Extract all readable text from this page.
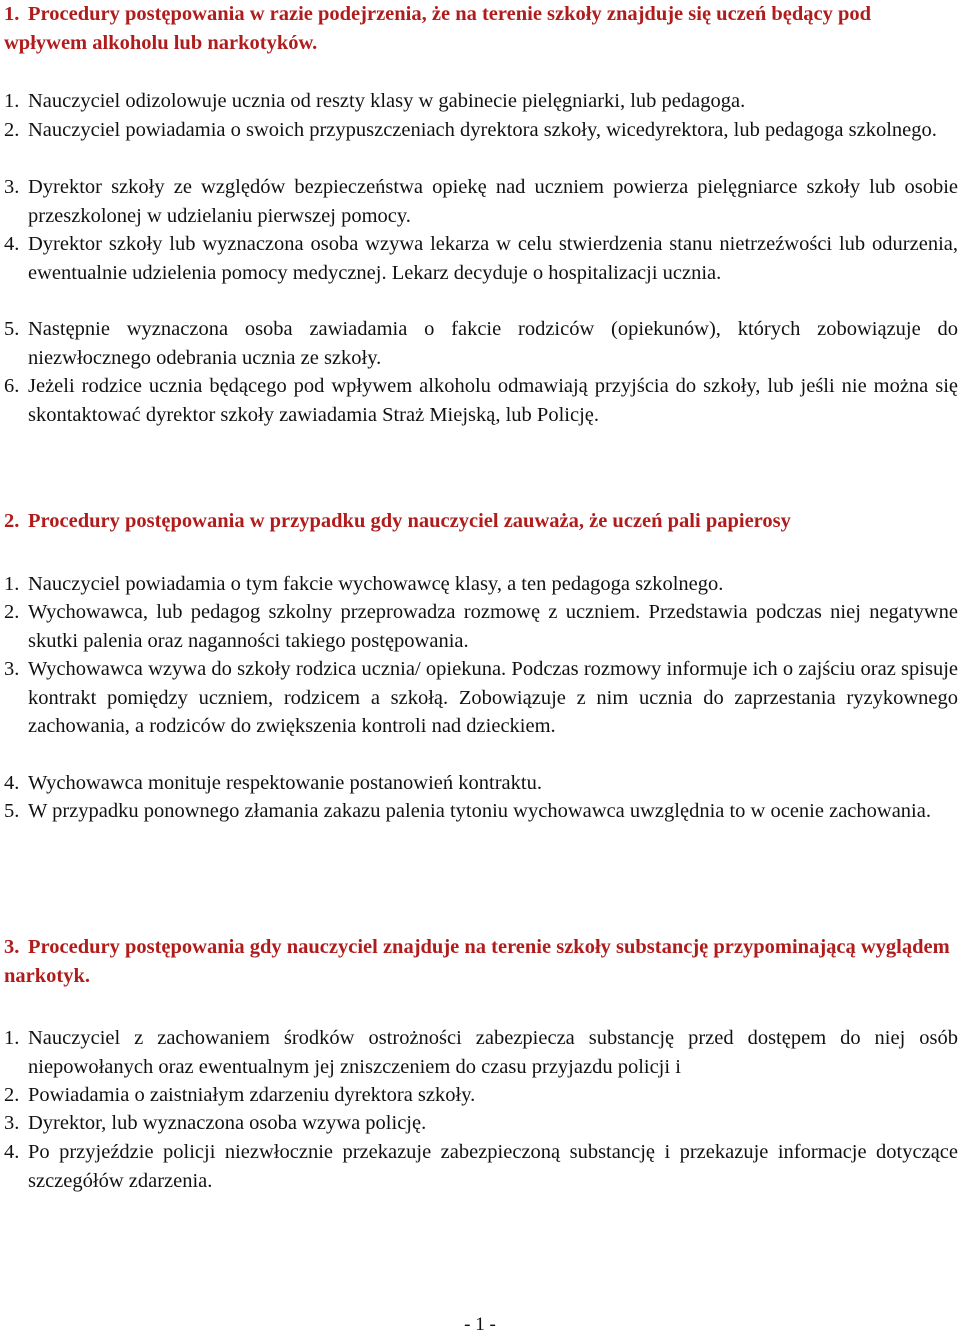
1. Procedury postępowania w razie podejrzenia, że na terenie szkoły znajduje się uczeń będący pod wpływem alkoholu lub narkotyków.

1. Nauczyciel odizolowuje ucznia od reszty klasy w gabinecie pielęgniarki, lub pedagoga.

2. Nauczyciel powiadamia o swoich przypuszczeniach dyrektora szkoły, wicedyrektora, lub pedagoga szkolnego.

3. Dyrektor szkoły ze względów bezpieczeństwa opiekę nad uczniem powierza pielęgniarce szkoły lub osobie przeszkolonej w udzielaniu pierwszej pomocy.

4. Dyrektor szkoły lub wyznaczona osoba wzywa lekarza w celu stwierdzenia stanu nietrzeźwości lub odurzenia, ewentualnie udzielenia pomocy medycznej. Lekarz decyduje o hospitalizacji ucznia.

5. Następnie wyznaczona osoba zawiadamia o fakcie rodziców (opiekunów), których zobowiązuje do niezwłocznego odebrania ucznia ze szkoły.

6. Jeżeli rodzice ucznia będącego pod wpływem alkoholu odmawiają przyjścia do szkoły, lub jeśli nie można się skontaktować dyrektor szkoły zawiadamia Straż Miejską, lub Policję.

2. Procedury postępowania w przypadku gdy nauczyciel zauważa, że uczeń pali papierosy

1. Nauczyciel powiadamia o tym fakcie wychowawcę klasy, a ten pedagoga szkolnego.

2. Wychowawca, lub pedagog szkolny przeprowadza rozmowę z uczniem. Przedstawia podczas niej negatywne skutki palenia oraz naganności takiego postępowania.

3. Wychowawca wzywa do szkoły rodzica ucznia/ opiekuna. Podczas rozmowy informuje ich o zajściu oraz spisuje kontrakt pomiędzy uczniem, rodzicem a szkołą. Zobowiązuje z nim ucznia do zaprzestania ryzykownego zachowania, a rodziców do zwiększenia kontroli nad dzieckiem.

4. Wychowawca monituje respektowanie postanowień kontraktu.

5. W przypadku ponownego złamania zakazu palenia tytoniu wychowawca uwzględnia to w ocenie zachowania.

3. Procedury postępowania gdy nauczyciel znajduje na terenie szkoły substancję przypominającą wyglądem narkotyk.

1. Nauczyciel z zachowaniem środków ostrożności zabezpiecza substancję przed dostępem do niej osób niepowołanych oraz ewentualnym jej zniszczeniem do czasu przyjazdu policji i

2. Powiadamia o zaistniałym zdarzeniu dyrektora szkoły.

3. Dyrektor, lub wyznaczona osoba wzywa policję.

4. Po przyjeździe policji niezwłocznie przekazuje zabezpieczoną substancję i przekazuje informacje dotyczące szczegółów zdarzenia.

- 1 -
